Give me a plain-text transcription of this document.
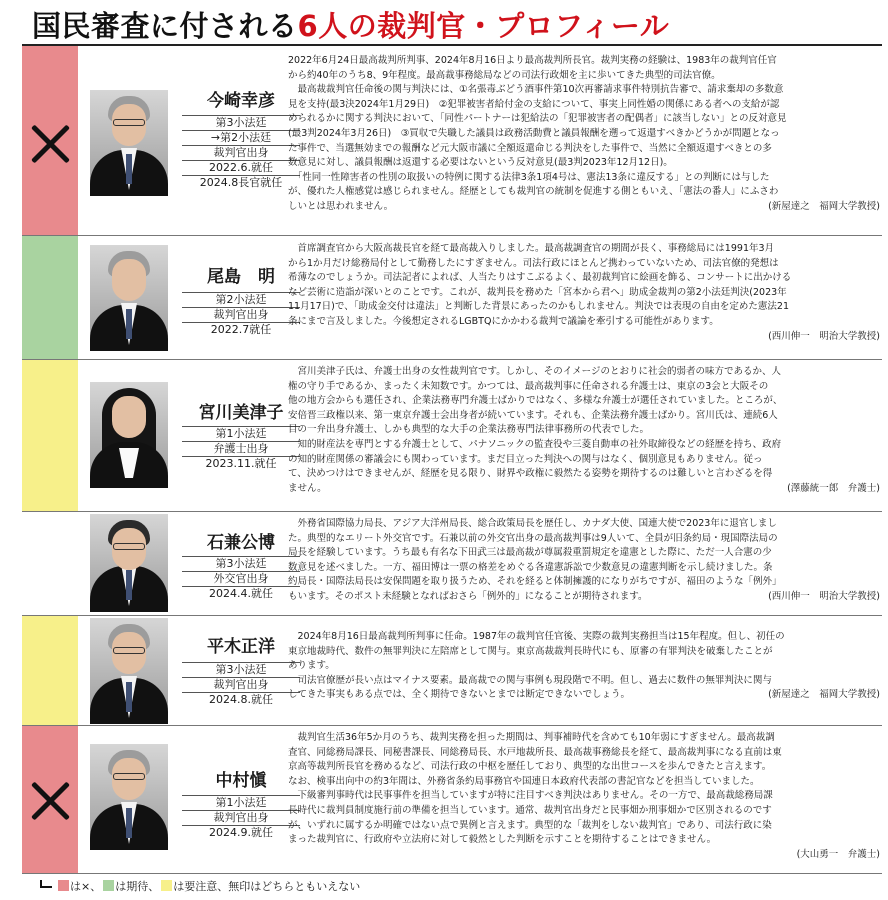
国民審査に付される6人の裁判官・プロフィール
今崎幸彦
第3小法廷
→第2小法廷
裁判官出身
2022.6.就任
2024.8長官就任

2022年6月24日最高裁判所判事、2024年8月16日より最高裁判所長官。裁判実務の経験は、1983年の裁判官任官

から約40年のうち8、9年程度。最高裁事務総局などの司法行政畑を主に歩いてきた典型的司法官僚。

　最高裁裁判官任命後の関与判決には、①名張毒ぶどう酒事件第10次再審請求事件特別抗告審で、請求棄却の多数意

見を支持(最3決2024年1月29日)　②犯罪被害者給付金の支給について、事実上同性婚の関係にある者への支給が認

められるかに関する判決において、「同性パートナーは犯給法の「犯罪被害者の配偶者」に該当しない」との反対意見

(最3判2024年3月26日)　③買収で失職した議員は政務活動費と議員報酬を遡って返還すべきかどうかが問題となっ

た事件で、当選無効までの報酬など元大阪市議に全額返還命じる判決をした事件で、当然に全額返還すべきとの多

数意見に対し、議員報酬は返還する必要はないという反対意見(最3判2023年12月12日)。

　「性同一性障害者の性別の取扱いの特例に関する法律3条1項4号は、憲法13条に違反する」との判断には与した

が、優れた人権感覚は感じられません。経歴としても裁判官の統制を促進する側ともいえ、「憲法の番人」にふさわ

しいとは思われません。	(新屋達之　福岡大学教授)

尾島　明
第2小法廷
裁判官出身
2022.7就任

　首席調査官から大阪高裁長官を経て最高裁入りしました。最高裁調査官の期間が長く、事務総局には1991年3月

から1か月だけ総務局付として勤務したにすぎません。司法行政にほとんど携わっていないため、司法官僚的発想は

希薄なのでしょうか。司法記者によれば、人当たりはすこぶるよく、最初裁判官に絵画を飾る、コンサートに出かける

など芸術に造詣が深いとのことです。これが、裁判長を務めた「宮本から君へ」助成金裁判の第2小法廷判決(2023年

11月17日)で、「助成金交付は違法」と判断した背景にあったのかもしれません。判決では表現の自由を定めた憲法21

条にまで言及しました。今後想定されるLGBTQにかかわる裁判で議論を牽引する可能性があります。

(西川伸一　明治大学教授)

宮川美津子
第1小法廷
弁護士出身
2023.11.就任

　宮川美津子氏は、弁護士出身の女性裁判官です。しかし、そのイメージのとおりに社会的弱者の味方であるか、人

権の守り手であるか、まったく未知数です。かつては、最高裁判事に任命される弁護士は、東京の3会と大阪その

他の地方会からも選任され、企業法務専門弁護士ばかりではなく、多様な弁護士が選任されていました。ところが、

安倍晋三政権以来、第一東京弁護士会出身者が続いています。それも、企業法務弁護士ばかり。宮川氏は、連続6人

目の一弁出身弁護士、しかも典型的な大手の企業法務専門法律事務所の代表でした。

　知的財産法を専門とする弁護士として、パナソニックの監査役や三菱自動車の社外取締役などの経歴を持ち、政府

の知的財産関係の審議会にも関わっています。まだ目立った判決への関与はなく、個別意見もありません。従っ

て、決めつけはできませんが、経歴を見る限り、財界や政権に毅然たる姿勢を期待するのは難しいと言わざるを得

ません。	(澤藤統一郎　弁護士)

石兼公博
第3小法廷
外交官出身
2024.4.就任

　外務省国際協力局長、アジア大洋州局長、総合政策局長を歴任し、カナダ大使、国連大使で2023年に退官しまし

た。典型的なエリート外交官です。石兼以前の外交官出身の最高裁判事は9人いて、全員が旧条約局・現国際法局の

局長を経験しています。うち最も有名な下田武三は最高裁が尊属殺重罰規定を違憲とした際に、ただ一人合憲の少

数意見を述べました。一方、福田博は一票の格差をめぐる各違憲訴訟で少数意見の違憲判断を示し続けました。条

約局長・国際法局長は安保問題を取り扱うため、それを経ると体制擁護的になりがちですが、福田のような「例外」

もいます。そのポスト未経験となればおさら「例外的」になることが期待されます。	(西川伸一　明治大学教授)

平木正洋
第3小法廷
裁判官出身
2024.8.就任

　2024年8月16日最高裁判所判事に任命。1987年の裁判官任官後、実際の裁判実務担当は15年程度。但し、初任の

東京地裁時代、数件の無罪判決に左陪席として関与。東京高裁裁判長時代にも、原審の有罪判決を破棄したことが

あります。

　司法官僚歴が長い点はマイナス要素。最高裁での関与事例も現段階で不明。但し、過去に数件の無罪判決に関与

してきた事実もある点では、全く期待できないとまでは断定できないでしょう。	(新屋達之　福岡大学教授)

中村愼
第1小法廷
裁判官出身
2024.9.就任

　裁判官生活36年5か月のうち、裁判実務を担った期間は、判事補時代を含めても10年弱にすぎません。最高裁調

査官、同総務局課長、同秘書課長、同総務局長、水戸地裁所長、最高裁事務総長を経て、最高裁判事になる直前は東

京高等裁判所長官を務めるなど、司法行政の中枢を歴任しており、典型的な出世コースを歩んできたと言えます。

なお、検事出向中の約3年間は、外務省条約局事務官や国連日本政府代表部の書記官などを担当していました。

　下級審判事時代は民事事件を担当していますが特に注目すべき判決はありません。その一方で、最高裁総務局課

長時代に裁判員制度施行前の準備を担当しています。通常、裁判官出身だと民事畑か刑事畑かで区別されるのです

が、いずれに属するか明確ではない点で異例と言えます。典型的な「裁判をしない裁判官」であり、司法行政に染

まった裁判官に、行政府や立法府に対して毅然とした判断を示すことを期待することはできません。

(大山勇一　弁護士)

は×、 は期待、 は要注意、無印はどちらともいえない
